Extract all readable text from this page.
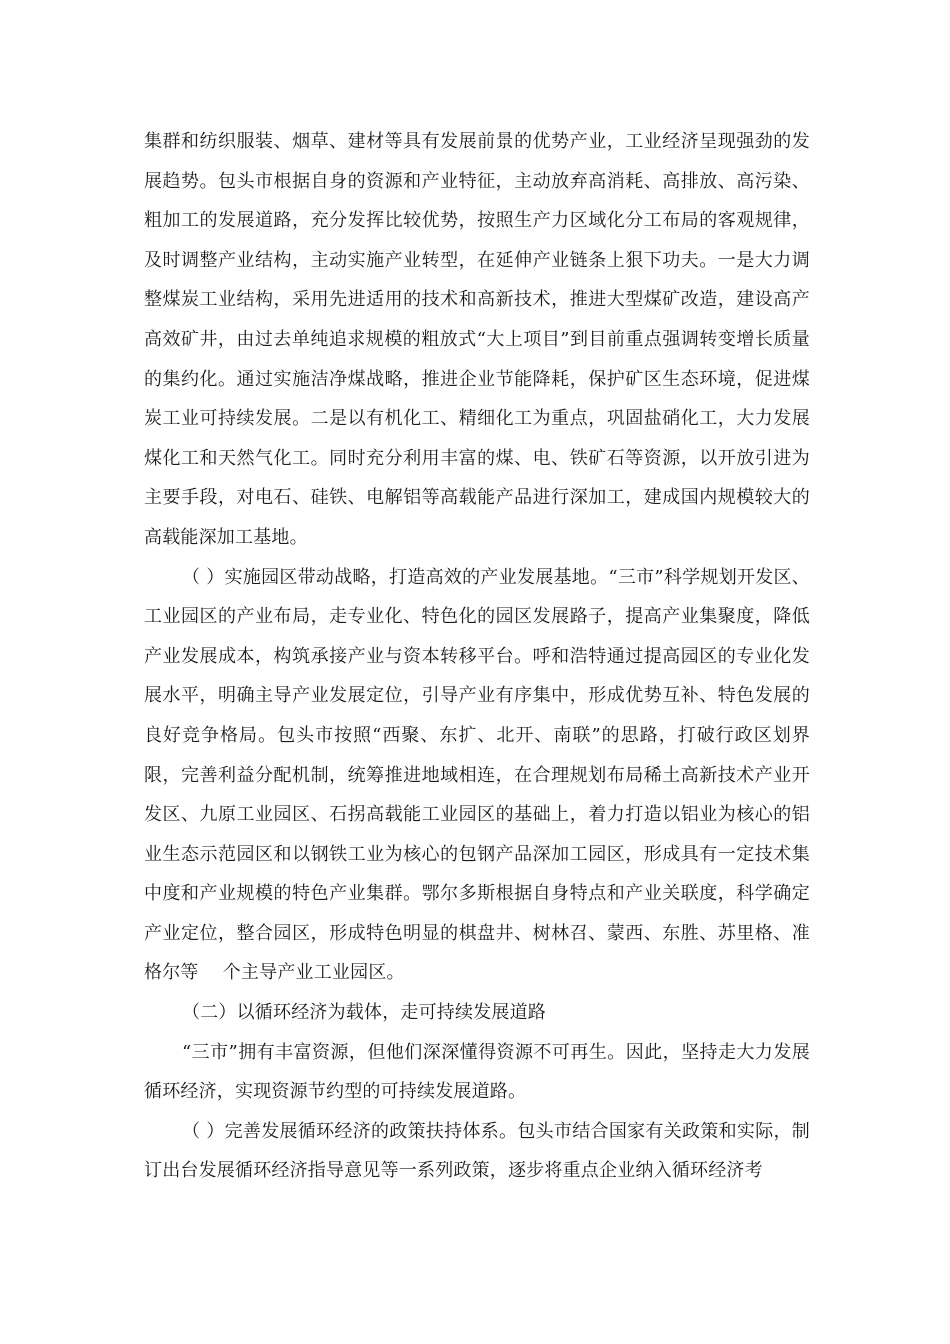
集群和纺织服装、烟草、建材等具有发展前景的优势产业，工业经济呈现强劲的发展趋势。包头市根据自身的资源和产业特征，主动放弃高消耗、高排放、高污染、粗加工的发展道路，充分发挥比较优势，按照生产力区域化分工布局的客观规律，及时调整产业结构，主动实施产业转型，在延伸产业链条上狠下功夫。一是大力调整煤炭工业结构，采用先进适用的技术和高新技术，推进大型煤矿改造，建设高产高效矿井，由过去单纯追求规模的粗放式“大上项目”到目前重点强调转变增长质量的集约化。通过实施洁净煤战略，推进企业节能降耗，保护矿区生态环境，促进煤炭工业可持续发展。二是以有机化工、精细化工为重点，巩固盐硝化工，大力发展煤化工和天然气化工。同时充分利用丰富的煤、电、铁矿石等资源，以开放引进为主要手段，对电石、硅铁、电解铝等高载能产品进行深加工，建成国内规模较大的高载能深加工基地。

（ ）实施园区带动战略，打造高效的产业发展基地。“三市”科学规划开发区、工业园区的产业布局，走专业化、特色化的园区发展路子，提高产业集聚度，降低产业发展成本，构筑承接产业与资本转移平台。呼和浩特通过提高园区的专业化发展水平，明确主导产业发展定位，引导产业有序集中，形成优势互补、特色发展的良好竞争格局。包头市按照“西聚、东扩、北开、南联”的思路，打破行政区划界限，完善利益分配机制，统筹推进地域相连，在合理规划布局稀土高新技术产业开发区、九原工业园区、石拐高载能工业园区的基础上，着力打造以铝业为核心的铝业生态示范园区和以钢铁工业为核心的包钢产品深加工园区，形成具有一定技术集中度和产业规模的特色产业集群。鄂尔多斯根据自身特点和产业关联度，科学确定产业定位，整合园区，形成特色明显的棋盘井、树林召、蒙西、东胜、苏里格、准格尔等　 个主导产业工业园区。

（二）以循环经济为载体，走可持续发展道路

“三市”拥有丰富资源，但他们深深懂得资源不可再生。因此，坚持走大力发展循环经济，实现资源节约型的可持续发展道路。

（ ）完善发展循环经济的政策扶持体系。包头市结合国家有关政策和实际，制订出台发展循环经济指导意见等一系列政策，逐步将重点企业纳入循环经济考
